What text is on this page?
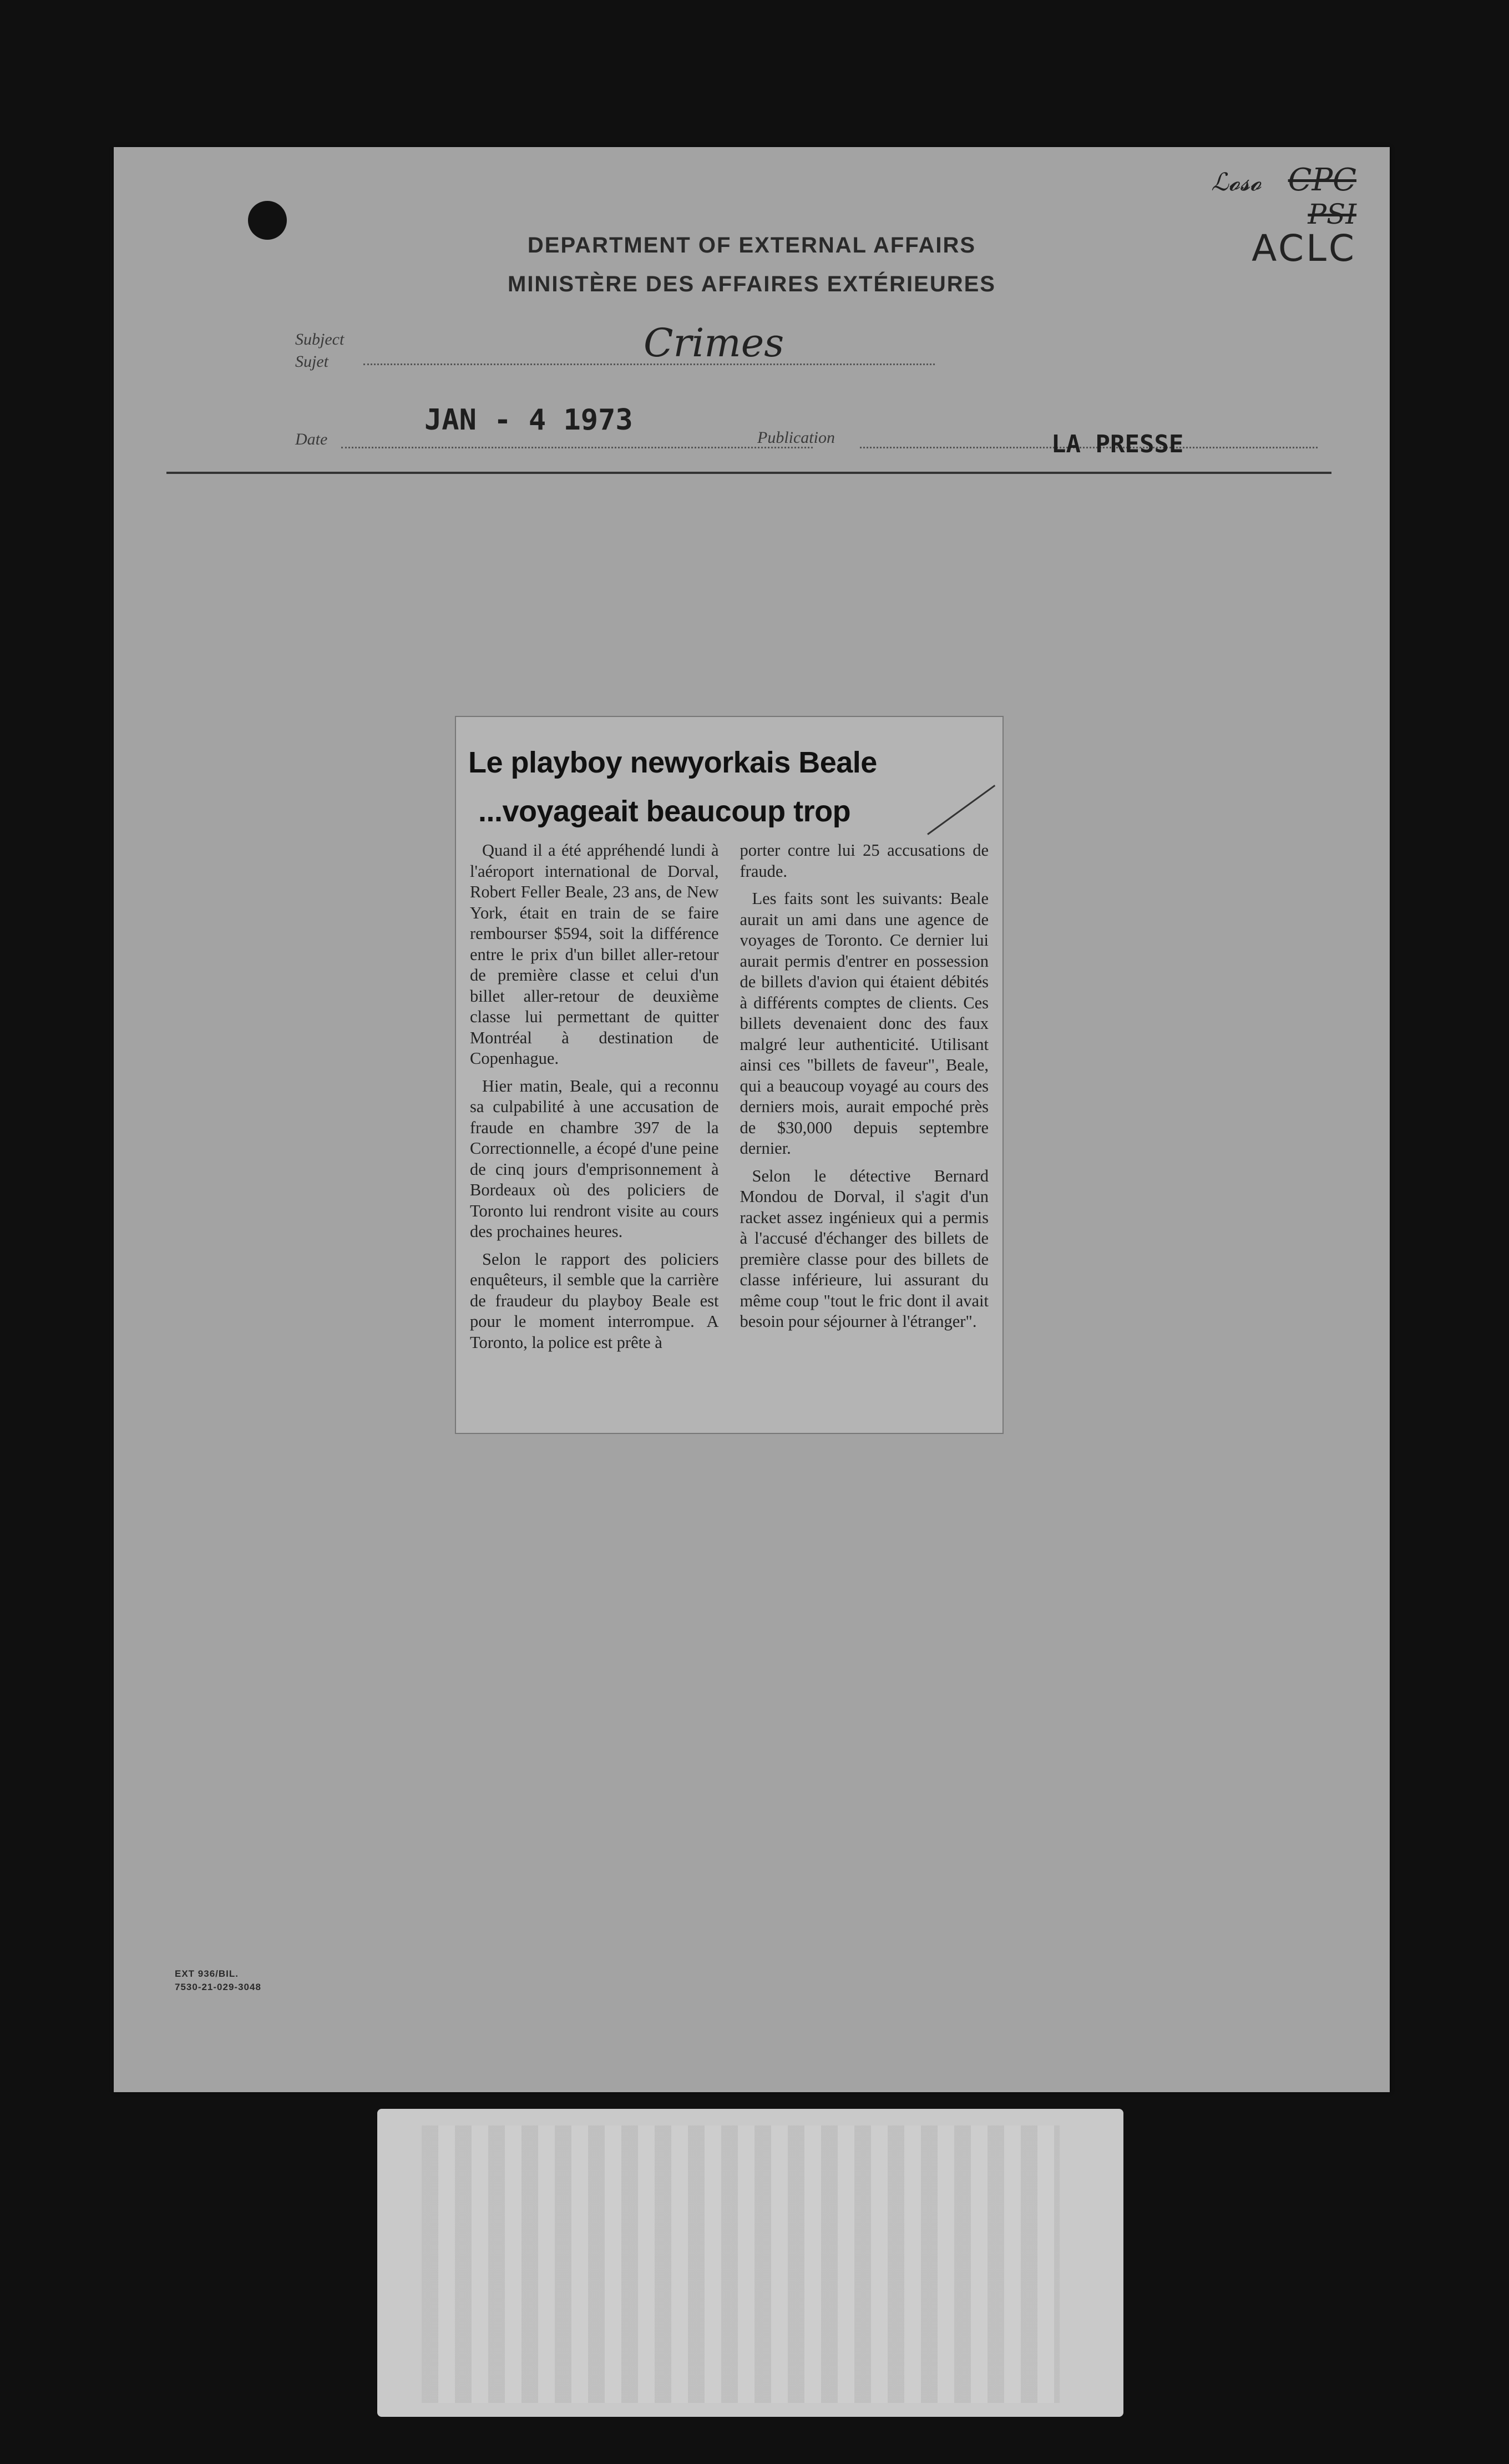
ℒ𝓸𝓼𝓸 CPC
PSI
ACLC
DEPARTMENT OF EXTERNAL AFFAIRS
MINISTÈRE DES AFFAIRES EXTÉRIEURES
Subject
Sujet	Crimes
Date
JAN - 4 1973
Publication	LA PRESSE
Le playboy newyorkais Beale
...voyageait beaucoup trop

Quand il a été appréhendé lundi à l'aéroport international de Dorval, Robert Feller Beale, 23 ans, de New York, était en train de se faire rembourser $594, soit la différence entre le prix d'un billet aller-retour de première classe et celui d'un billet aller-retour de deuxième classe lui permettant de quitter Montréal à destination de Copenhague.

Hier matin, Beale, qui a reconnu sa culpabilité à une accusation de fraude en chambre 397 de la Correctionnelle, a écopé d'une peine de cinq jours d'emprisonnement à Bordeaux où des policiers de Toronto lui rendront visite au cours des prochaines heures.

Selon le rapport des policiers enquêteurs, il semble que la carrière de fraudeur du playboy Beale est pour le moment interrompue. A Toronto, la police est prête à

porter contre lui 25 accusations de fraude.

Les faits sont les suivants: Beale aurait un ami dans une agence de voyages de Toronto. Ce dernier lui aurait permis d'entrer en possession de billets d'avion qui étaient débités à différents comptes de clients. Ces billets devenaient donc des faux malgré leur authenticité. Utilisant ainsi ces "billets de faveur", Beale, qui a beaucoup voyagé au cours des derniers mois, aurait empoché près de $30,000 depuis septembre dernier.

Selon le détective Bernard Mondou de Dorval, il s'agit d'un racket assez ingénieux qui a permis à l'accusé d'échanger des billets de première classe pour des billets de classe inférieure, lui assurant du même coup "tout le fric dont il avait besoin pour séjourner à l'étranger".

EXT 936/BIL.
7530-21-029-3048
